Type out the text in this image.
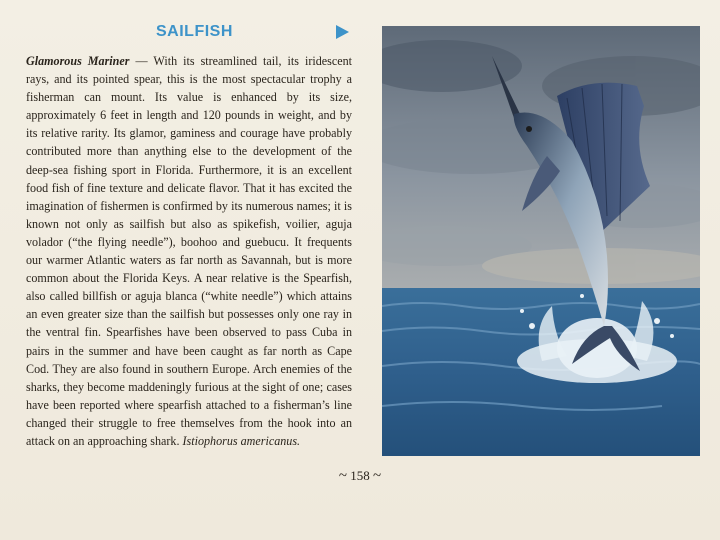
SAILFISH
Glamorous Mariner — With its streamlined tail, its iridescent rays, and its pointed spear, this is the most spectacular trophy a fisherman can mount. Its value is enhanced by its size, approximately 6 feet in length and 120 pounds in weight, and by its relative rarity. Its glamor, gaminess and courage have probably contributed more than anything else to the development of the deep-sea fishing sport in Florida. Furthermore, it is an excellent food fish of fine texture and delicate flavor. That it has excited the imagination of fishermen is confirmed by its numerous names; it is known not only as sailfish but also as spikefish, voilier, aguja volador (“the flying needle”), boohoo and guebucu. It frequents our warmer Atlantic waters as far north as Savannah, but is more common about the Florida Keys. A near relative is the Spearfish, also called billfish or aguja blanca (“white needle”) which attains an even greater size than the sailfish but possesses only one ray in the ventral fin. Spearfishes have been observed to pass Cuba in pairs in the summer and have been caught as far north as Cape Cod. They are also found in southern Europe. Arch enemies of the sharks, they become maddeningly furious at the sight of one; cases have been reported where spearfish attached to a fisherman’s line changed their struggle to free themselves from the hook into an attack on an approaching shark. Istiophorus americanus.
~ 158 ~
